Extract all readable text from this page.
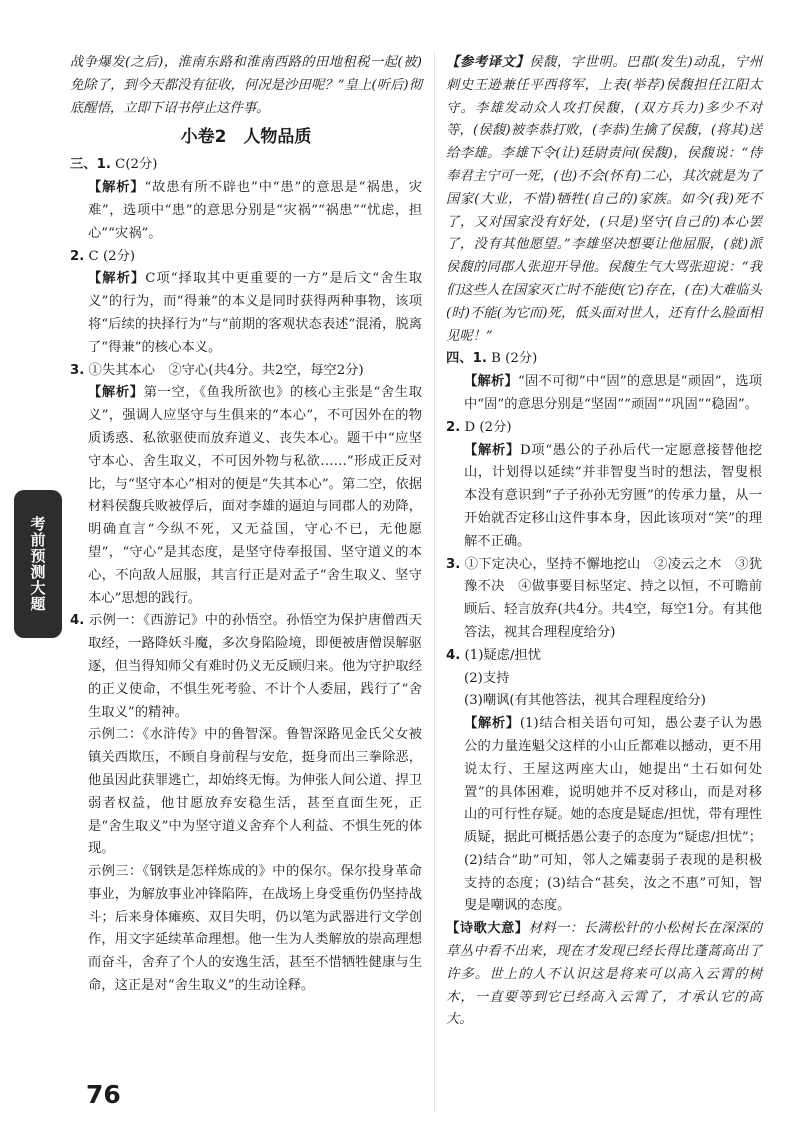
战争爆发(之后)，淮南东路和淮南西路的田地租税一起(被)免除了，到今天都没有征收，何况是沙田呢？”皇上(听后)彻底醒悟，立即下诏书停止这件事。

小卷2　人物品质

三、1. C(2分)

【解析】“故患有所不辟也”中“患”的意思是“祸患，灾难”，选项中“患”的意思分别是“灾祸”“祸患”“忧虑，担心”“灾祸”。

2. C (2分)

【解析】C项“择取其中更重要的一方”是后文“舍生取义”的行为，而“得兼”的本义是同时获得两种事物，该项将“后续的抉择行为”与“前期的客观状态表述”混淆，脱离了“得兼”的核心本义。

3. ①失其本心　②守心(共4分。共2空，每空2分)

【解析】第一空，《鱼我所欲也》的核心主张是“舍生取义”，强调人应坚守与生俱来的“本心”，不可因外在的物质诱惑、私欲驱使而放弃道义、丧失本心。题干中“应坚守本心、舍生取义，不可因外物与私欲……”形成正反对比，与“坚守本心”相对的便是“失其本心”。第二空，依据材料侯馥兵败被俘后，面对李雄的逼迫与同郡人的劝降，明确直言“今纵不死，又无益国，守心不已，无他愿望”，“守心”是其态度，是坚守侍奉报国、坚守道义的本心，不向敌人屈服，其言行正是对孟子“舍生取义、坚守本心”思想的践行。

4. 示例一：《西游记》中的孙悟空。孙悟空为保护唐僧西天取经，一路降妖斗魔，多次身陷险境，即便被唐僧误解驱逐，但当得知师父有难时仍义无反顾归来。他为守护取经的正义使命，不惧生死考验、不计个人委屈，践行了“舍生取义”的精神。

示例二：《水浒传》中的鲁智深。鲁智深路见金氏父女被镇关西欺压，不顾自身前程与安危，挺身而出三拳除恶，他虽因此获罪逃亡，却始终无悔。为伸张人间公道、捍卫弱者权益，他甘愿放弃安稳生活，甚至直面生死，正是“舍生取义”中为坚守道义舍弃个人利益、不惧生死的体现。

示例三：《钢铁是怎样炼成的》中的保尔。保尔投身革命事业，为解放事业冲锋陷阵，在战场上身受重伤仍坚持战斗；后来身体瘫痪、双目失明，仍以笔为武器进行文学创作，用文字延续革命理想。他一生为人类解放的崇高理想而奋斗，舍弃了个人的安逸生活，甚至不惜牺牲健康与生命，这正是对“舍生取义”的生动诠释。

【参考译文】侯馥，字世明。巴郡(发生)动乱，宁州刺史王逊兼任平西将军，上表(举荐)侯馥担任江阳太守。李雄发动众人攻打侯馥，(双方兵力)多少不对等，(侯馥)被李恭打败，(李恭)生擒了侯馥，(将其)送给李雄。李雄下令(让)廷尉责问(侯馥)，侯馥说：“侍奉君主宁可一死，(也)不会(怀有)二心，其次就是为了国家(大业，不惜)牺牲(自己的)家族。如今(我)死不了，又对国家没有好处，(只是)坚守(自己的)本心罢了，没有其他愿望。”李雄坚决想要让他屈服，(就)派侯馥的同郡人张迎开导他。侯馥生气大骂张迎说：“我们这些人在国家灭亡时不能使(它)存在，(在)大难临头(时)不能(为它而)死，低头面对世人，还有什么脸面相见呢！”

四、1. B (2分)

【解析】“固不可彻”中“固”的意思是“顽固”，选项中“固”的意思分别是“坚固”“顽固”“巩固”“稳固”。

2. D (2分)

【解析】D项“愚公的子孙后代一定愿意接替他挖山，计划得以延续”并非智叟当时的想法，智叟根本没有意识到“子子孙孙无穷匮”的传承力量，从一开始就否定移山这件事本身，因此该项对“笑”的理解不正确。

3. ①下定决心，坚持不懈地挖山　②凌云之木　③犹豫不决　④做事要目标坚定、持之以恒，不可瞻前顾后、轻言放弃(共4分。共4空，每空1分。有其他答法，视其合理程度给分)

4. (1)疑虑/担忧

(2)支持

(3)嘲讽(有其他答法，视其合理程度给分)

【解析】(1)结合相关语句可知，愚公妻子认为愚公的力量连魁父这样的小山丘都难以撼动，更不用说太行、王屋这两座大山，她提出“土石如何处置”的具体困难，说明她并不反对移山，而是对移山的可行性存疑。她的态度是疑虑/担忧，带有理性质疑，据此可概括愚公妻子的态度为“疑虑/担忧”；(2)结合“助”可知，邻人之孀妻弱子表现的是积极支持的态度；(3)结合“甚矣，汝之不惠”可知，智叟是嘲讽的态度。

【诗歌大意】材料一：长满松针的小松树长在深深的草丛中看不出来，现在才发现已经长得比蓬蒿高出了许多。世上的人不认识这是将来可以高入云霄的树木，一直要等到它已经高入云霄了，才承认它的高大。

考前预测大题
76
